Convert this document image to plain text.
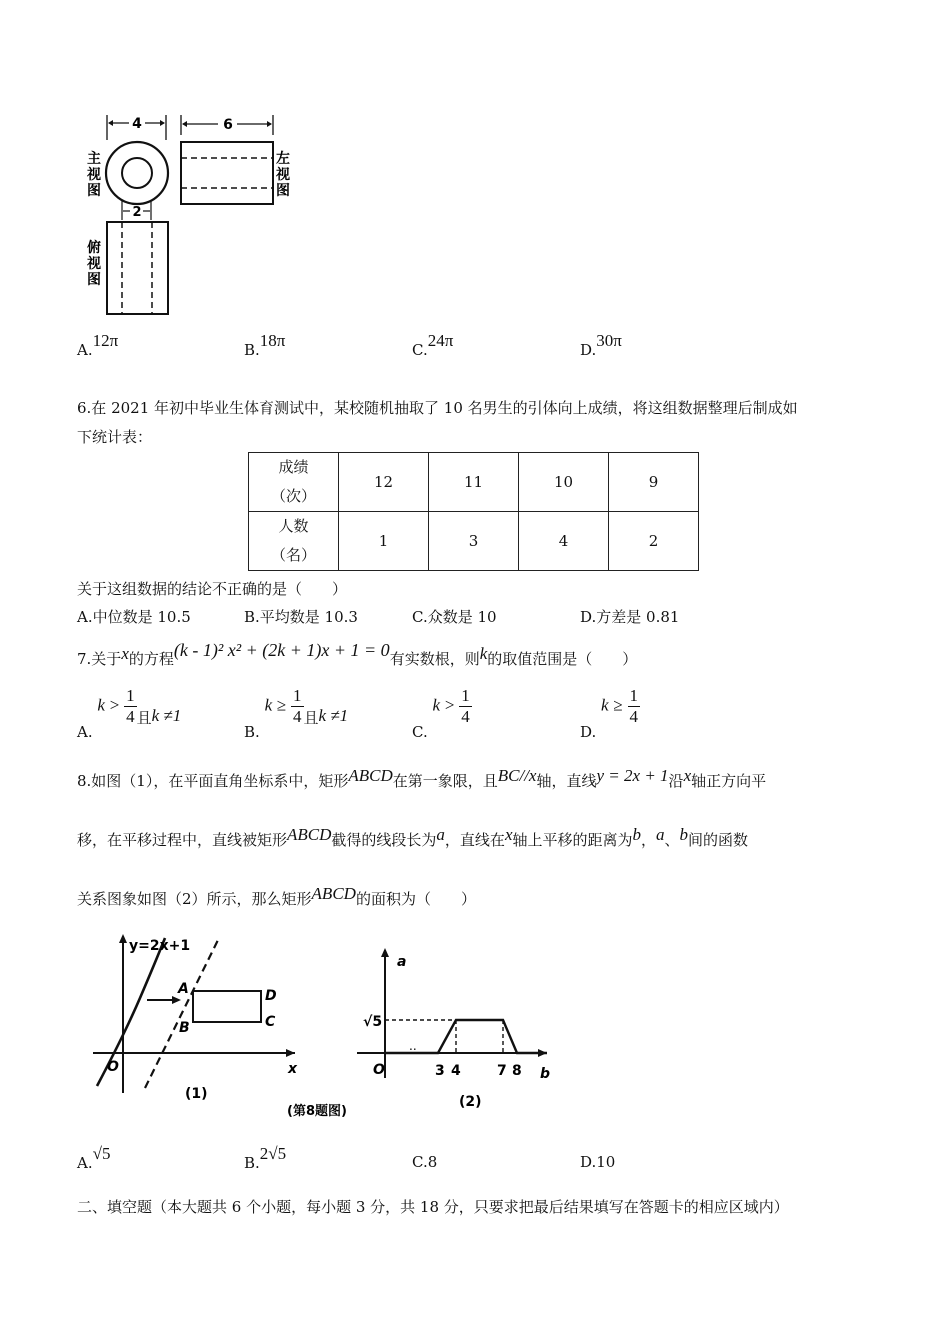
4
主
视
图
2
6
左
视
图
俯
视
图
A.12π	B.18π	C.24π	D.30π
6.在 2021 年初中毕业生体育测试中，某校随机抽取了 10 名男生的引体向上成绩，将这组数据整理后制成如
下统计表：
成绩
（次）	12	11	10	9
人数
（名）	1	3	4	2
关于这组数据的结论不正确的是（　　）
A.中位数是 10.5	B.平均数是 10.3	C.众数是 10	D.方差是 0.81
7.关于x的方程(k - 1)² x² + (2k + 1)x + 1 = 0有实数根，则k的取值范围是（　　）
A. $k > \frac{1}{4}$ 且k ≠1
B. $k \ge \frac{1}{4}$ 且k ≠1
C. $k > \frac{1}{4}$
D. $k \ge \frac{1}{4}$
8.如图（1），在平面直角坐标系中，矩形ABCD在第一象限，且BC//x轴，直线y = 2x + 1沿x轴正方向平
移，在平移过程中，直线被矩形ABCD截得的线段长为a，直线在x轴上平移的距离为b，a、b间的函数
关系图象如图（2）所示，那么矩形ABCD的面积为（　　）
y=2x+1
A
B
D
C
O	x
(1)
a
√5
..
O	3 4	7 8 b
(2)
(第8题图)
A.√5	B.2√5	C.8	D.10
二、填空题（本大题共 6 个小题，每小题 3 分，共 18 分，只要求把最后结果填写在答题卡的相应区域内）
